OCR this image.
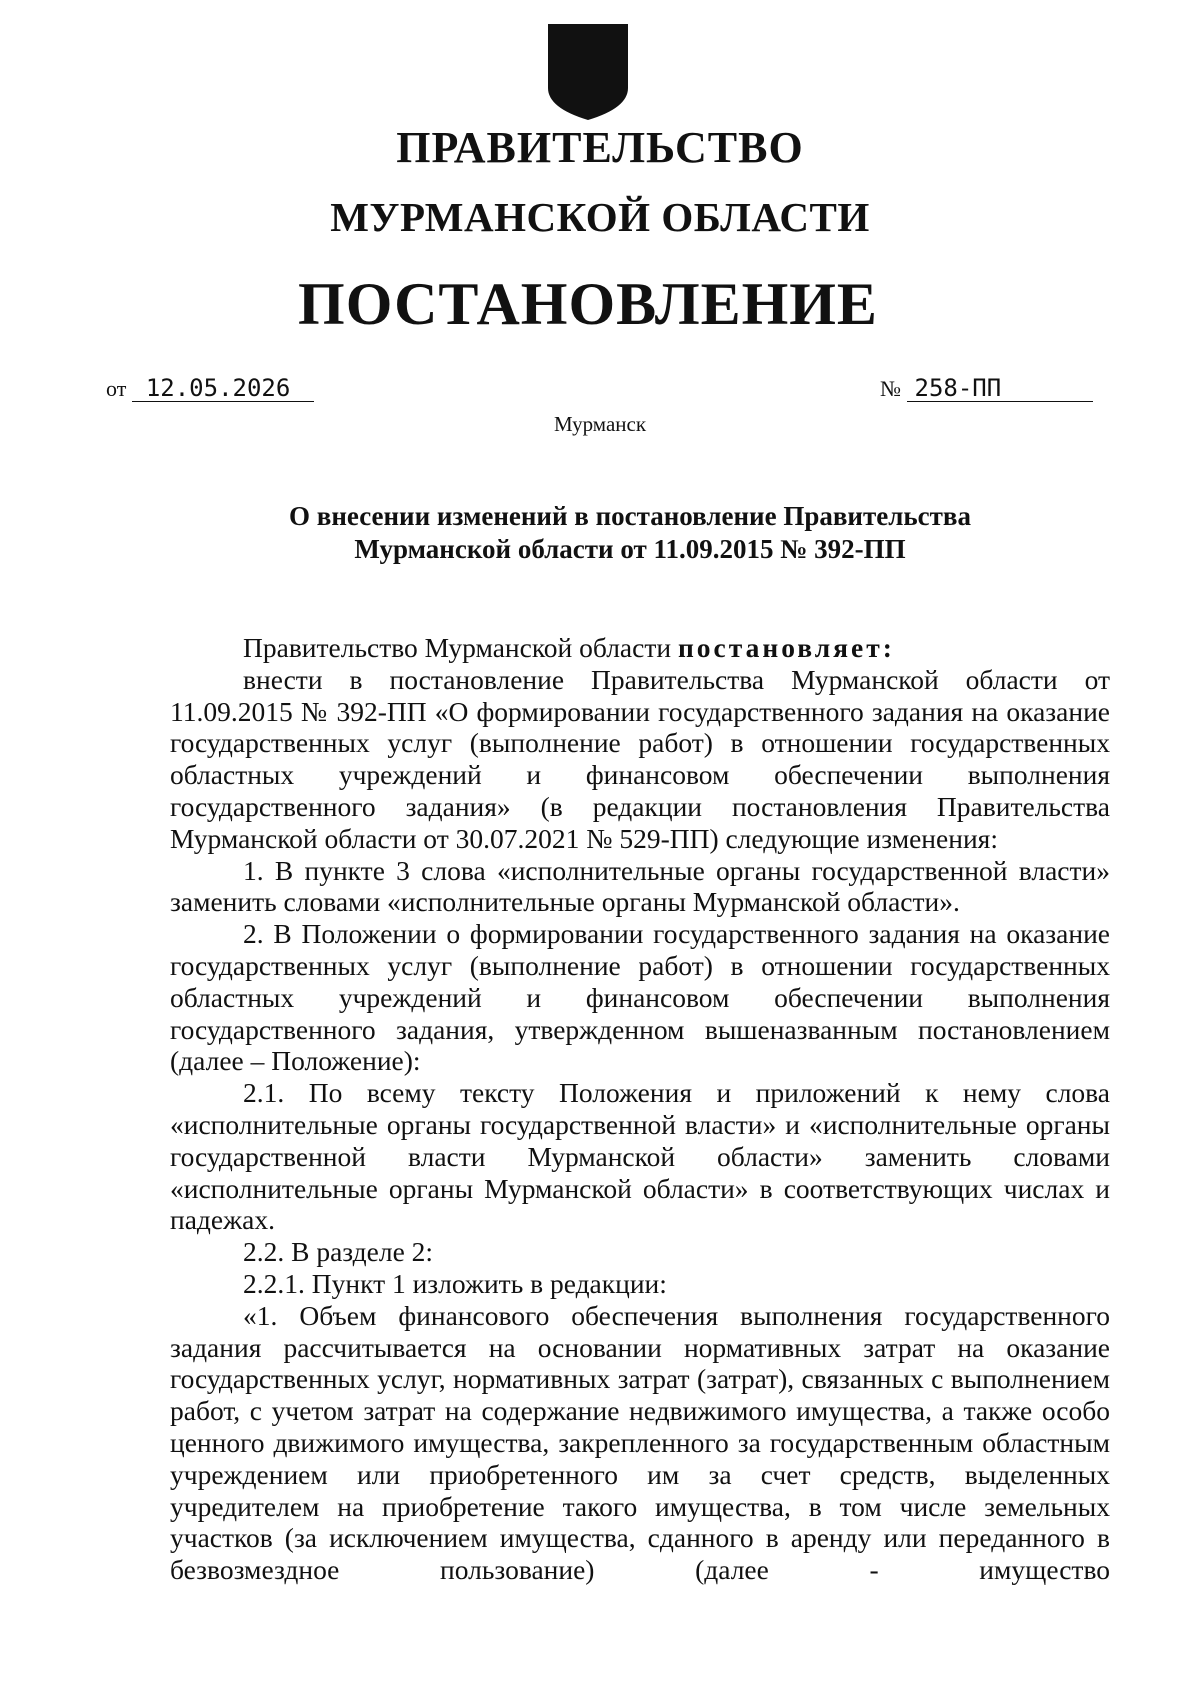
ПРАВИТЕЛЬСТВО
МУРМАНСКОЙ ОБЛАСТИ
ПОСТАНОВЛЕНИЕ
от 12.05.2026	№ 258-ПП
Мурманск
О внесении изменений в постановление Правительства
Мурманской области от 11.09.2015 № 392-ПП

Правительство Мурманской области постановляет:

внести в постановление Правительства Мурманской области от 11.09.2015 № 392-ПП «О формировании государственного задания на оказание государственных услуг (выполнение работ) в отношении государственных областных учреждений и финансовом обеспечении выполнения государственного задания» (в редакции постановления Правительства Мурманской области от 30.07.2021 № 529-ПП) следующие изменения:

1. В пункте 3 слова «исполнительные органы государственной власти» заменить словами «исполнительные органы Мурманской области».

2. В Положении о формировании государственного задания на оказание государственных услуг (выполнение работ) в отношении государственных областных учреждений и финансовом обеспечении выполнения государственного задания, утвержденном вышеназванным постановлением (далее – Положение):

2.1. По всему тексту Положения и приложений к нему слова «исполнительные органы государственной власти» и «исполнительные органы государственной власти Мурманской области» заменить словами «исполнительные органы Мурманской области» в соответствующих числах и падежах.

2.2. В разделе 2:

2.2.1. Пункт 1 изложить в редакции:

«1. Объем финансового обеспечения выполнения государственного задания рассчитывается на основании нормативных затрат на оказание государственных услуг, нормативных затрат (затрат), связанных с выполнением работ, с учетом затрат на содержание недвижимого имущества, а также особо ценного движимого имущества, закрепленного за государственным областным учреждением или приобретенного им за счет средств, выделенных учредителем на приобретение такого имущества, в том числе земельных участков (за исключением имущества, сданного в аренду или переданного в безвозмездное пользование) (далее - имущество
